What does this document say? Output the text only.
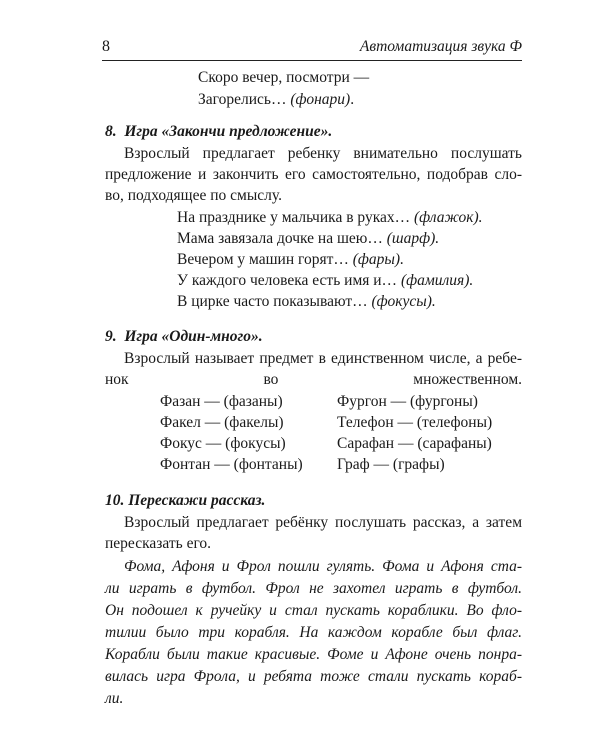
8	Автоматизация звука Ф
Скоро вечер, посмотри —
Загорелись… (фонари).
8. Игра «Закончи предложение».
Взрослый предлагает ребенку внимательно послушать
предложение и закончить его самостоятельно, подобрав сло-
во, подходящее по смыслу.
На празднике у мальчика в руках… (флажок).
Мама завязала дочке на шею… (шарф).
Вечером у машин горят… (фары).
У каждого человека есть имя и… (фамилия).
В цирке часто показывают… (фокусы).
9. Игра «Один-много».
Взрослый называет предмет в единственном числе, а ребе-
нок во множественном.
Фазан — (фазаны)
Факел — (факелы)
Фокус — (фокусы)
Фонтан — (фонтаны)
Фургон — (фургоны)
Телефон — (телефоны)
Сарафан — (сарафаны)
Граф — (графы)
10. Перескажи рассказ.
Взрослый предлагает ребёнку послушать рассказ, а затем
пересказать его.
Фома, Афоня и Фрол пошли гулять. Фома и Афоня ста-
ли играть в футбол. Фрол не захотел играть в футбол.
Он подошел к ручейку и стал пускать кораблики. Во фло-
тилии было три корабля. На каждом корабле был флаг.
Корабли были такие красивые. Фоме и Афоне очень понра-
вилась игра Фрола, и ребята тоже стали пускать кораб-
ли.
